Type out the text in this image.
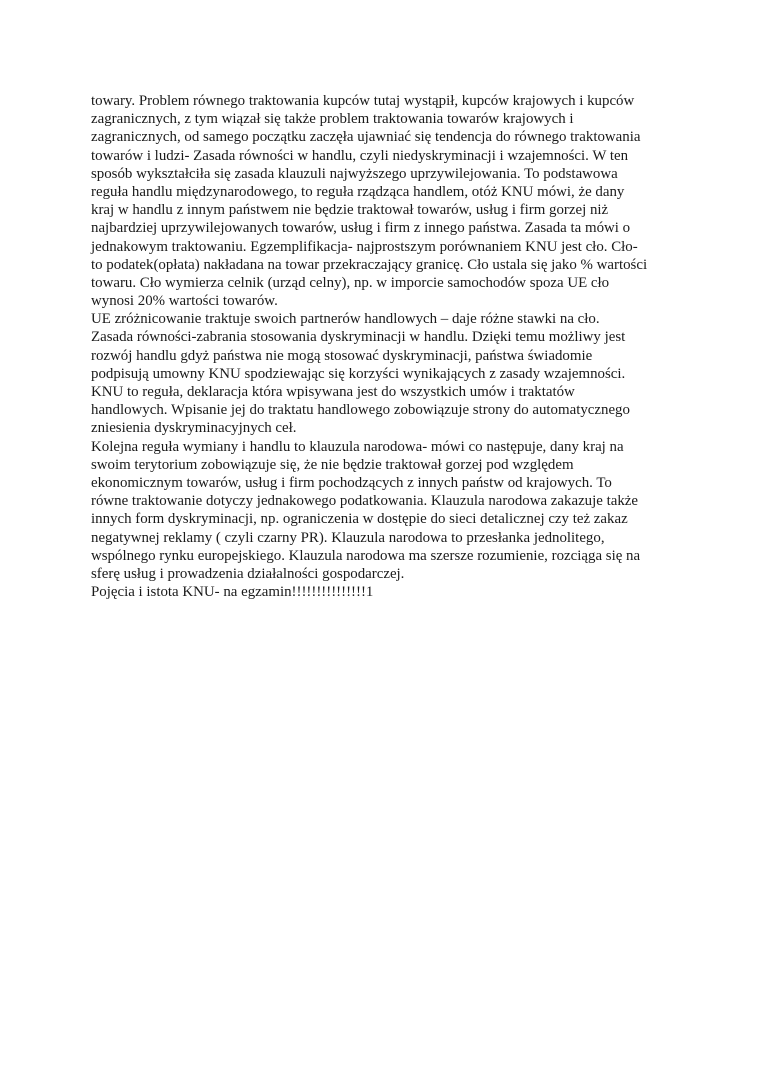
towary. Problem równego traktowania kupców tutaj wystąpił, kupców krajowych i kupców
zagranicznych, z tym wiązał się także problem traktowania towarów krajowych i
zagranicznych, od samego początku zaczęła ujawniać się tendencja do równego traktowania
towarów i ludzi- Zasada równości w handlu, czyli niedyskryminacji i wzajemności. W ten
sposób wykształciła się zasada klauzuli najwyższego uprzywilejowania. To podstawowa
reguła handlu międzynarodowego, to reguła rządząca handlem, otóż KNU mówi, że dany
kraj w handlu z innym państwem nie będzie traktował towarów, usług i firm gorzej niż
najbardziej uprzywilejowanych towarów, usług i firm z innego państwa. Zasada ta mówi o
jednakowym traktowaniu. Egzemplifikacja- najprostszym porównaniem KNU jest cło. Cło-
to podatek(opłata) nakładana na towar przekraczający granicę. Cło ustala się jako % wartości
towaru. Cło wymierza celnik (urząd celny), np. w imporcie samochodów spoza UE cło
wynosi 20% wartości towarów.
UE zróżnicowanie traktuje swoich partnerów handlowych – daje różne stawki na cło.
Zasada równości-zabrania stosowania dyskryminacji w handlu. Dzięki temu możliwy jest
rozwój handlu gdyż państwa nie mogą stosować dyskryminacji, państwa świadomie
podpisują umowny KNU spodziewając się korzyści wynikających z zasady wzajemności.
KNU to reguła, deklaracja która wpisywana jest do wszystkich umów i traktatów
handlowych. Wpisanie jej do traktatu handlowego zobowiązuje strony do automatycznego
zniesienia dyskryminacyjnych ceł.
Kolejna reguła wymiany i handlu to klauzula narodowa- mówi co następuje, dany kraj na
swoim terytorium zobowiązuje się, że nie będzie traktował gorzej pod względem
ekonomicznym towarów, usług i firm pochodzących z innych państw od krajowych. To
równe traktowanie dotyczy jednakowego podatkowania. Klauzula narodowa zakazuje także
innych form dyskryminacji, np. ograniczenia w dostępie do sieci detalicznej czy też zakaz
negatywnej reklamy ( czyli czarny PR). Klauzula narodowa to przesłanka jednolitego,
wspólnego rynku europejskiego. Klauzula narodowa ma szersze rozumienie, rozciąga się na
sferę usług i prowadzenia działalności gospodarczej.
Pojęcia i istota KNU- na egzamin!!!!!!!!!!!!!!!1
